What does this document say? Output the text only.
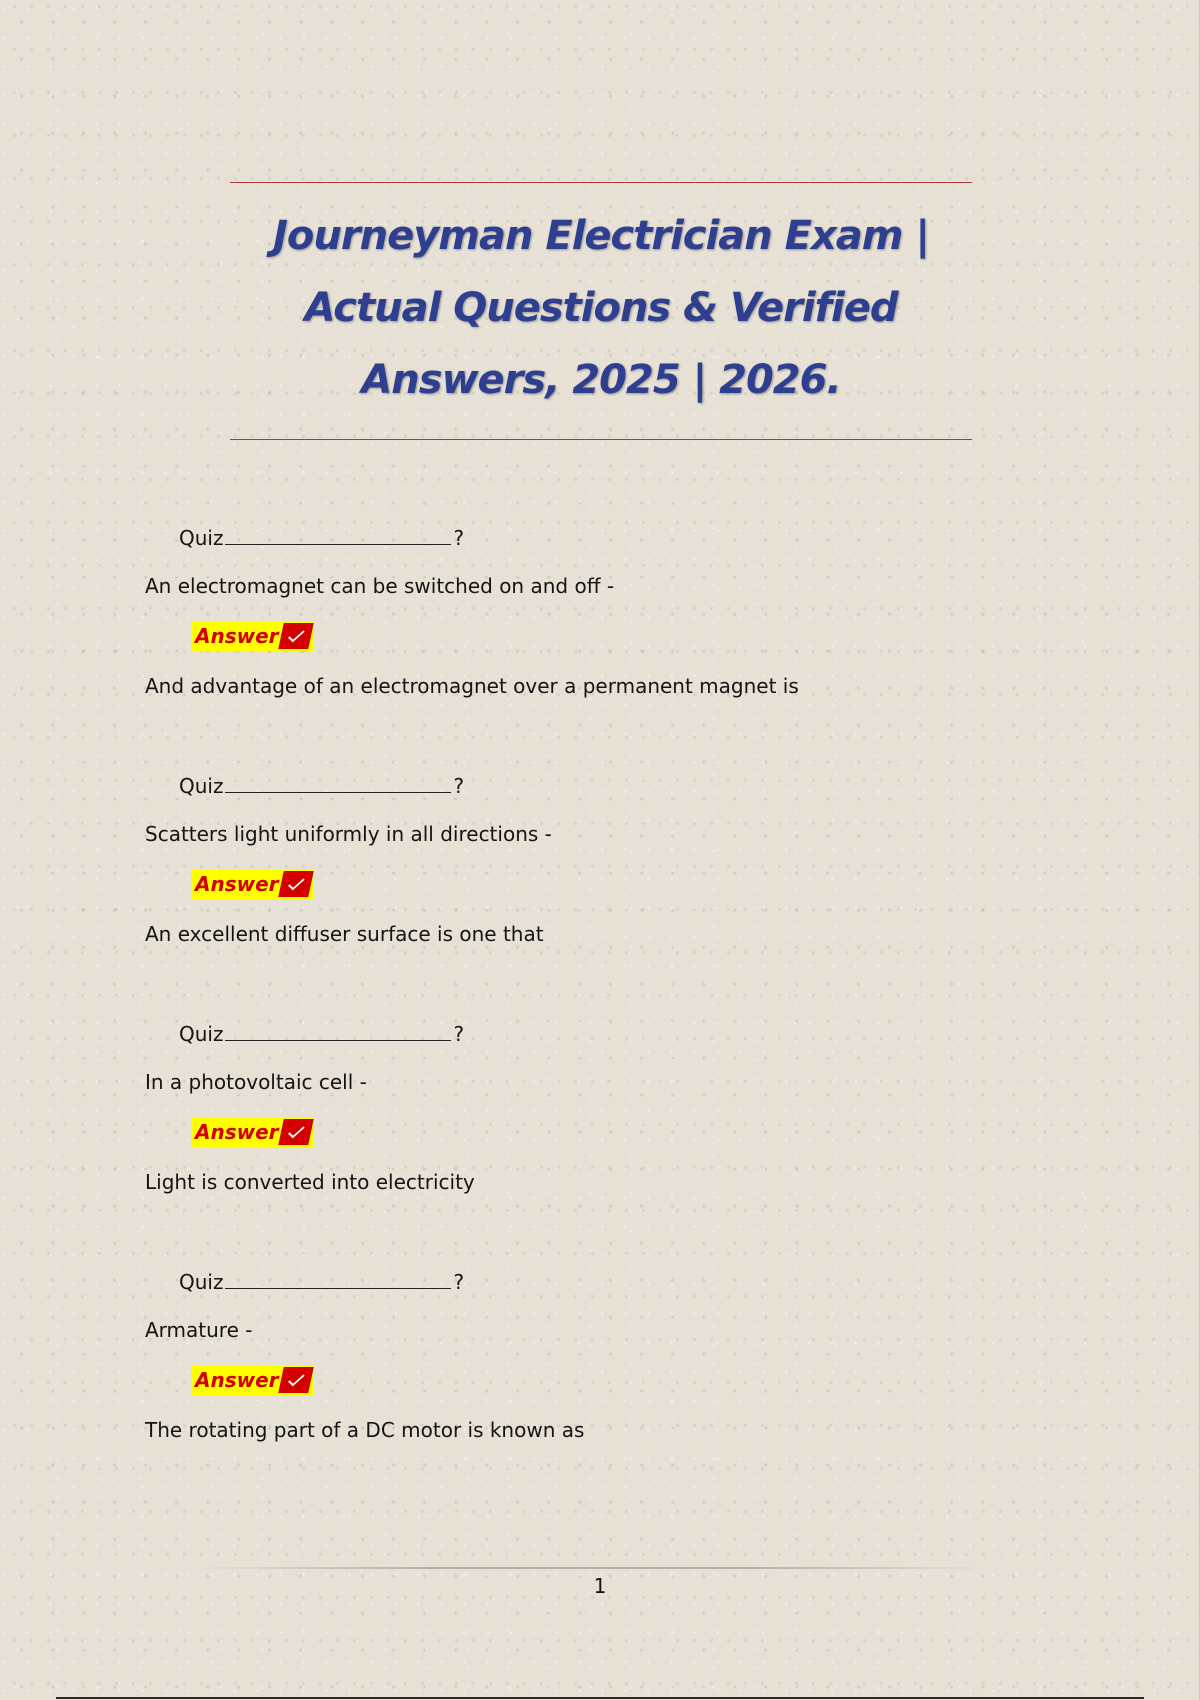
Journeyman Electrician Exam | Actual Questions & Verified Answers, 2025 | 2026.
Quiz	?
An electromagnet can be switched on and off -
Answer
And advantage of an electromagnet over a permanent magnet is
Quiz	?
Scatters light uniformly in all directions -
Answer
An excellent diffuser surface is one that
Quiz	?
In a photovoltaic cell -
Answer
Light is converted into electricity
Quiz	?
Armature -
Answer
The rotating part of a DC motor is known as
1
